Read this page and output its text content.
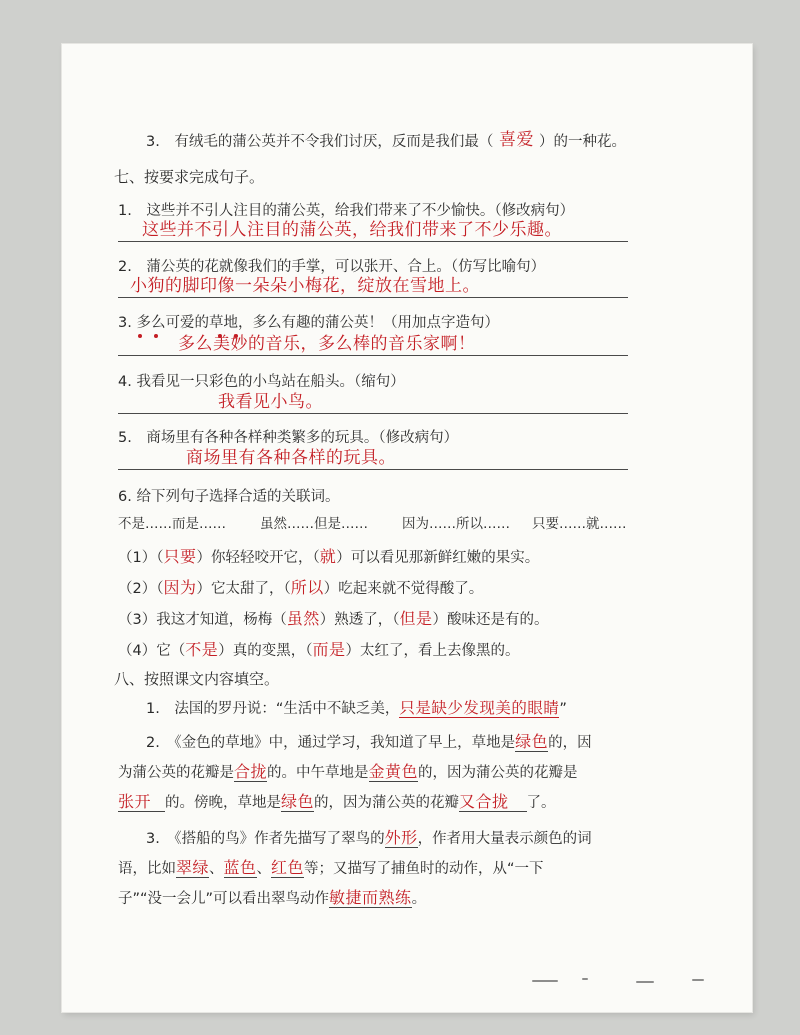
3.　有绒毛的蒲公英并不令我们讨厌，反而是我们最（ 喜爱 ）的一种花。
七、按要求完成句子。
1.　这些并不引人注目的蒲公英，给我们带来了不少愉快。（修改病句）
这些并不引人注目的蒲公英，给我们带来了不少乐趣。
2.　蒲公英的花就像我们的手掌，可以张开、合上。（仿写比喻句）
小狗的脚印像一朵朵小梅花，绽放在雪地上。
3. 多么可爱的草地，多么有趣的蒲公英！（用加点字造句）
多么美妙的音乐，多么棒的音乐家啊！
4. 我看见一只彩色的小鸟站在船头。（缩句）
我看见小鸟。
5.　商场里有各种各样种类繁多的玩具。（修改病句）
商场里有各种各样的玩具。
6. 给下列句子选择合适的关联词。
不是……而是……	虽然……但是……	因为……所以…… 只要……就……
（1）（只要）你轻轻咬开它，（就）可以看见那新鲜红嫩的果实。
（2）（因为）它太甜了，（所以）吃起来就不觉得酸了。
（3）我这才知道，杨梅（虽然）熟透了，（但是）酸味还是有的。
（4）它（不是）真的变黑，（而是）太红了，看上去像黑的。
八、按照课文内容填空。
1.　法国的罗丹说：“生活中不缺乏美，只是缺少发现美的眼睛”
2.　《金色的草地》中，通过学习，我知道了早上，草地是绿色的，因
为蒲公英的花瓣是合拢的。中午草地是金黄色的，因为蒲公英的花瓣是
张开 的。傍晚，草地是绿色的，因为蒲公英的花瓣又合拢 了。
3.　《搭船的鸟》作者先描写了翠鸟的外形，作者用大量表示颜色的词
语，比如翠绿、蓝色、红色等；又描写了捕鱼时的动作，从“一下
子”“没一会儿”可以看出翠鸟动作敏捷而熟练。
